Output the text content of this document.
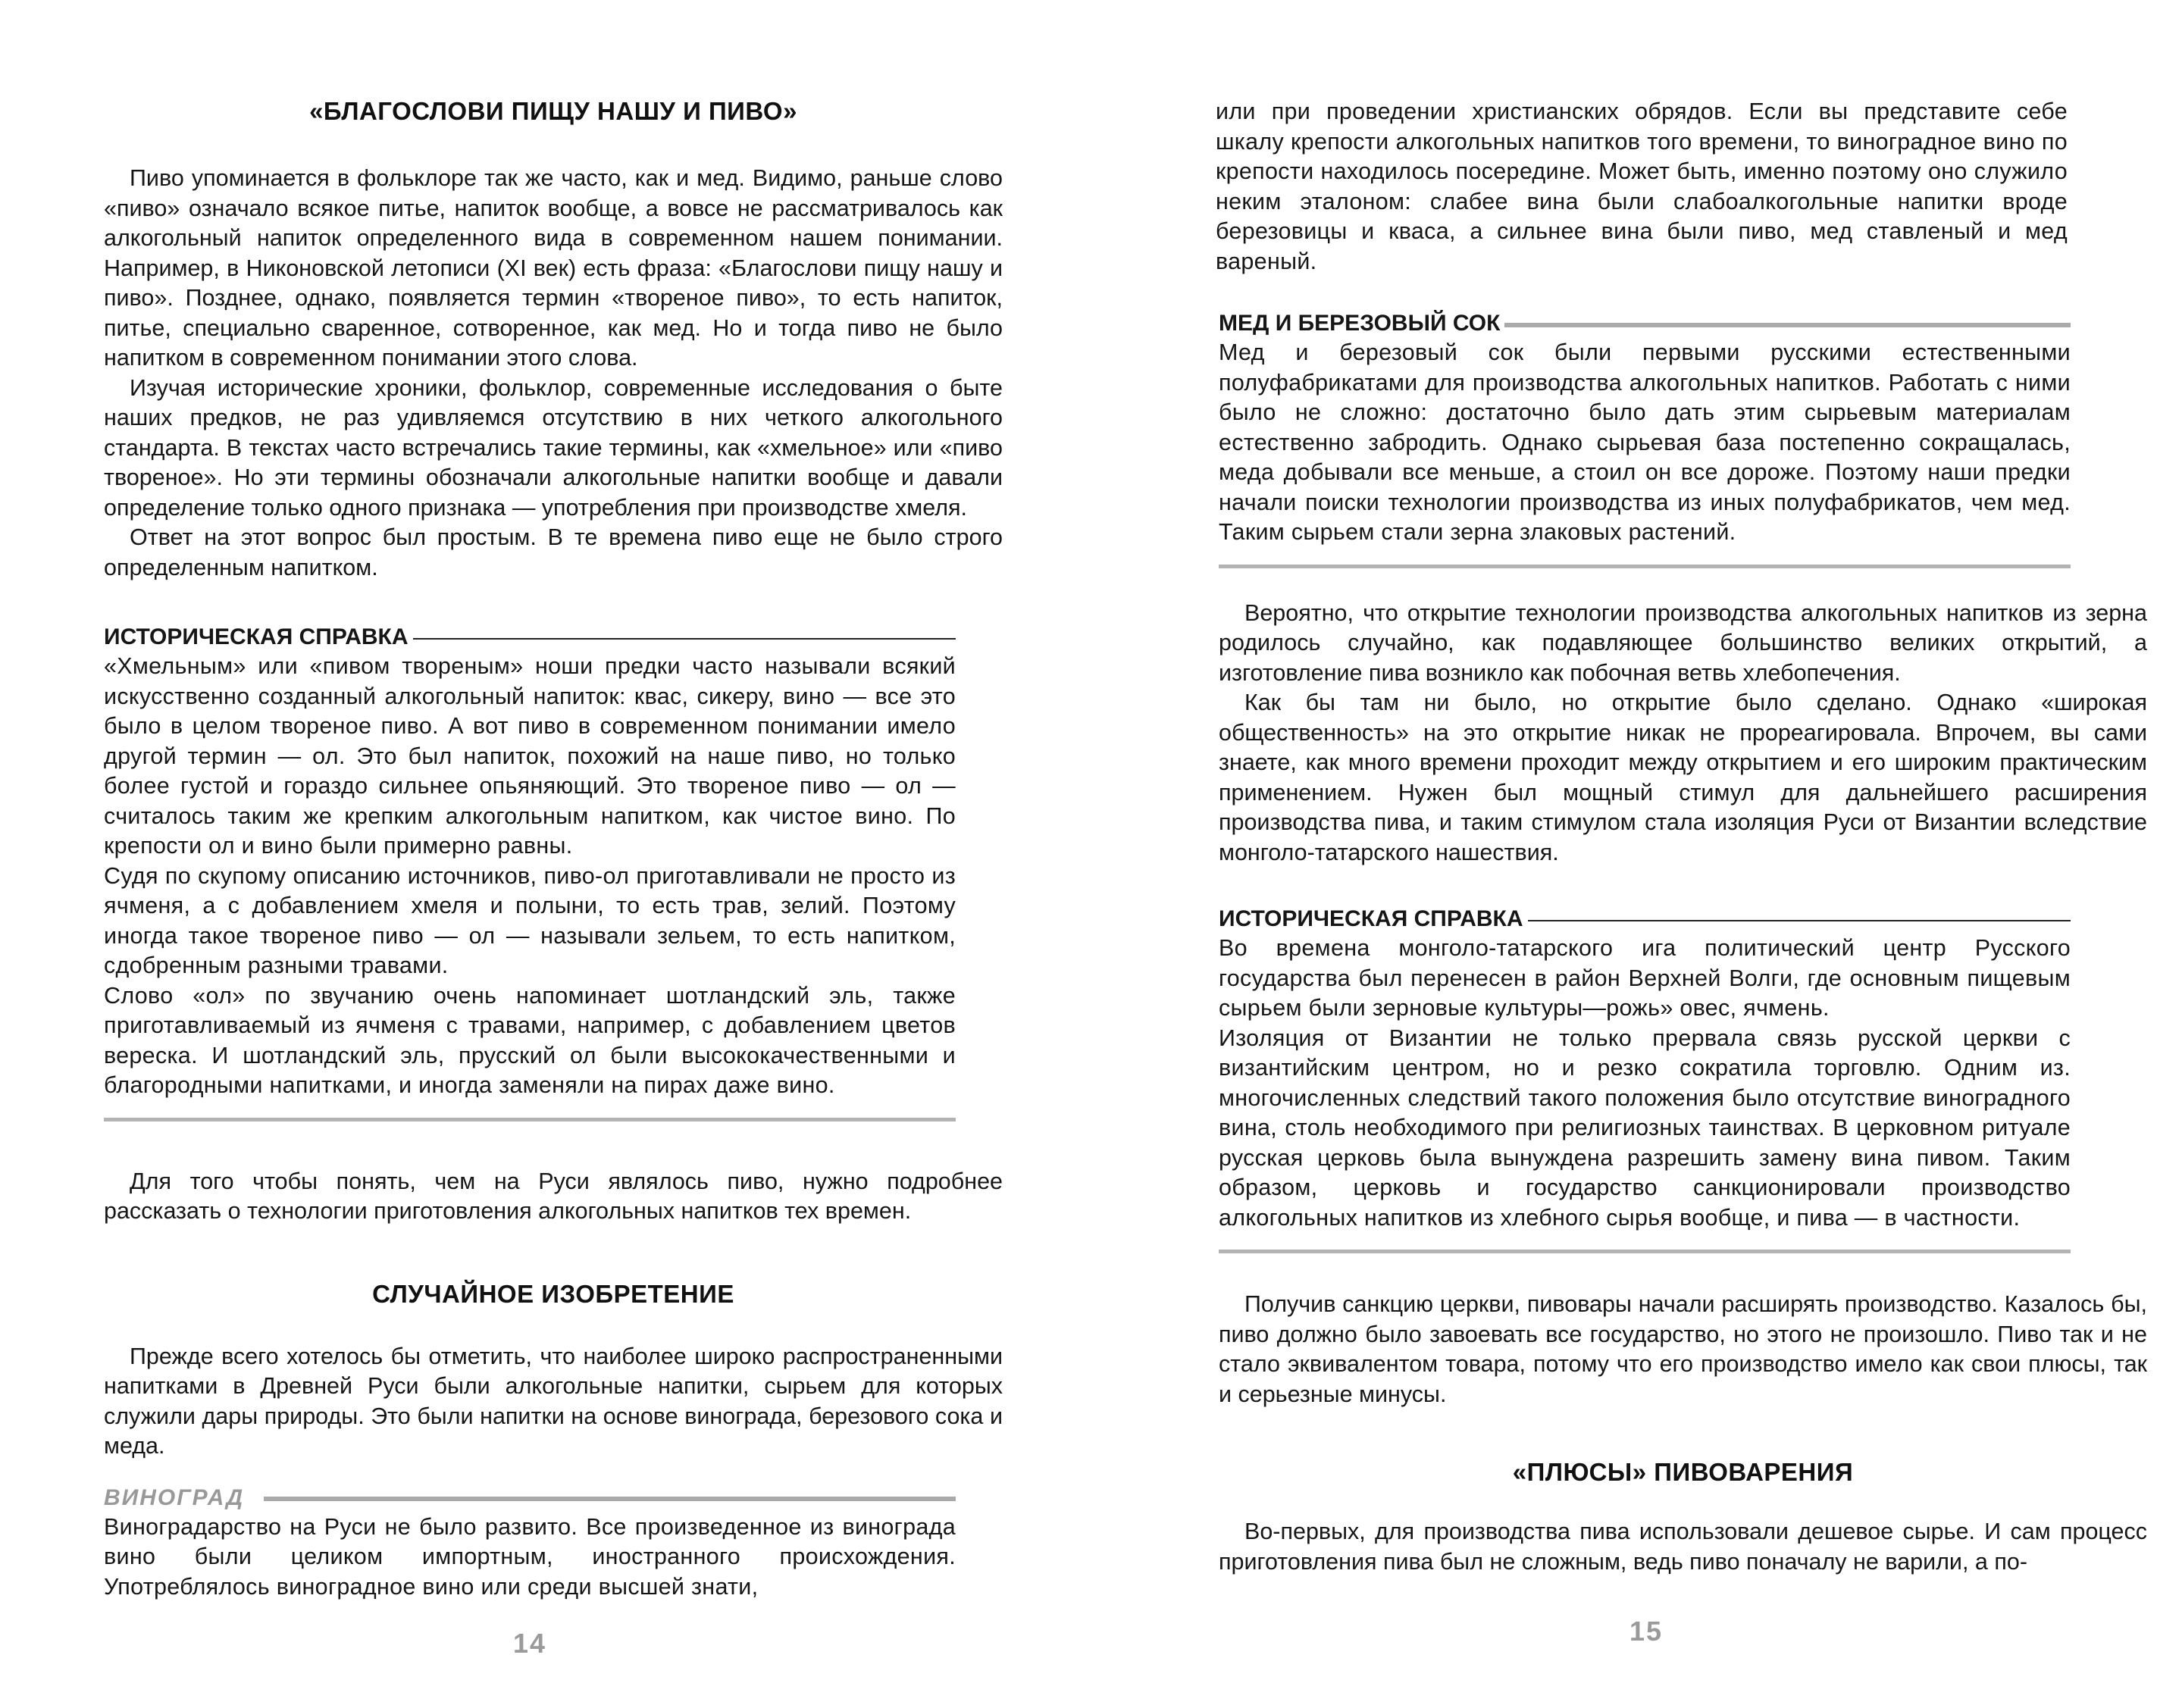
«БЛАГОСЛОВИ ПИЩУ НАШУ И ПИВО»

Пиво упоминается в фольклоре так же часто, как и мед. Видимо, раньше слово «пиво» означало всякое питье, напиток вообще, а вовсе не рассматривалось как алкогольный напиток определенного вида в современном нашем понимании. Например, в Никоновской летописи (XI век) есть фраза: «Благослови пищу нашу и пиво». Позднее, однако, появляется термин «твореное пиво», то есть напиток, питье, специально сваренное, сотворенное, как мед. Но и тогда пиво не было напитком в современном понимании этого слова.

Изучая исторические хроники, фольклор, современные исследования о быте наших предков, не раз удивляемся отсутствию в них четкого алкогольного стандарта. В текстах часто встречались такие термины, как «хмельное» или «пиво твореное». Но эти термины обозначали алкогольные напитки вообще и давали определение только одного признака — употребления при производстве хмеля.

Ответ на этот вопрос был простым. В те времена пиво еще не было строго определенным напитком.

ИСТОРИЧЕСКАЯ СПРАВКА

«Хмельным» или «пивом твореным» ноши предки часто называли всякий искусственно созданный алкогольный напиток: квас, сикеру, вино — все это было в целом твореное пиво. А вот пиво в современном понимании имело другой термин — ол. Это был напиток, похожий на наше пиво, но только более густой и гораздо сильнее опьяняющий. Это твореное пиво — ол — считалось таким же крепким алкогольным напитком, как чистое вино. По крепости ол и вино были примерно равны.

Судя по скупому описанию источников, пиво-ол приготавливали не просто из ячменя, а с добавлением хмеля и полыни, то есть трав, зелий. Поэтому иногда такое твореное пиво — ол — называли зельем, то есть напитком, сдобренным разными травами.

Слово «ол» по звучанию очень напоминает шотландский эль, также приготавливаемый из ячменя с травами, например, с добавлением цветов вереска. И шотландский эль, прусский ол были высококачественными и благородными напитками, и иногда заменяли на пирах даже вино.

Для того чтобы понять, чем на Руси являлось пиво, нужно подробнее рассказать о технологии приготовления алкогольных напитков тех времен.

СЛУЧАЙНОЕ ИЗОБРЕТЕНИЕ

Прежде всего хотелось бы отметить, что наиболее широко распространенными напитками в Древней Руси были алкогольные напитки, сырьем для которых служили дары природы. Это были напитки на основе винограда, березового сока и меда.

ВИНОГРАД

Виноградарство на Руси не было развито. Все произведенное из винограда вино были целиком импортным, иностранного происхождения. Употреблялось виноградное вино или среди высшей знати,

14

или при проведении христианских обрядов. Если вы представите себе шкалу крепости алкогольных напитков того времени, то виноградное вино по крепости находилось посередине. Может быть, именно поэтому оно служило неким эталоном: слабее вина были слабоалкогольные напитки вроде березовицы и кваса, а сильнее вина были пиво, мед ставленый и мед вареный.

МЕД И БЕРЕЗОВЫЙ СОК

Мед и березовый сок были первыми русскими естественными полуфабрикатами для производства алкогольных напитков. Работать с ними было не сложно: достаточно было дать этим сырьевым материалам естественно забродить. Однако сырьевая база постепенно сокращалась, меда добывали все меньше, а стоил он все дороже. Поэтому наши предки начали поиски технологии производства из иных полуфабрикатов, чем мед. Таким сырьем стали зерна злаковых растений.

Вероятно, что открытие технологии производства алкогольных напитков из зерна родилось случайно, как подавляющее большинство великих открытий, а изготовление пива возникло как побочная ветвь хлебопечения.

Как бы там ни было, но открытие было сделано. Однако «широкая общественность» на это открытие никак не прореагировала. Впрочем, вы сами знаете, как много времени проходит между открытием и его широким практическим применением. Нужен был мощный стимул для дальнейшего расширения производства пива, и таким стимулом стала изоляция Руси от Византии вследствие монголо-татарского нашествия.

ИСТОРИЧЕСКАЯ СПРАВКА

Во времена монголо-татарского ига политический центр Русского государства был перенесен в район Верхней Волги, где основным пищевым сырьем были зерновые культуры—рожь» овес, ячмень.

Изоляция от Византии не только прервала связь русской церкви с византийским центром, но и резко сократила торговлю. Одним из. многочисленных следствий такого положения было отсутствие виноградного вина, столь необходимого при религиозных таинствах. В церковном ритуале русская церковь была вынуждена разрешить замену вина пивом. Таким образом, церковь и государство санкционировали производство алкогольных напитков из хлебного сырья вообще, и пива — в частности.

Получив санкцию церкви, пивовары начали расширять производство. Казалось бы, пиво должно было завоевать все государство, но этого не произошло. Пиво так и не стало эквивалентом товара, потому что его производство имело как свои плюсы, так и серьезные минусы.

«ПЛЮСЫ» ПИВОВАРЕНИЯ

Во-первых, для производства пива использовали дешевое сырье. И сам процесс приготовления пива был не сложным, ведь пиво поначалу не варили, а по-

15
